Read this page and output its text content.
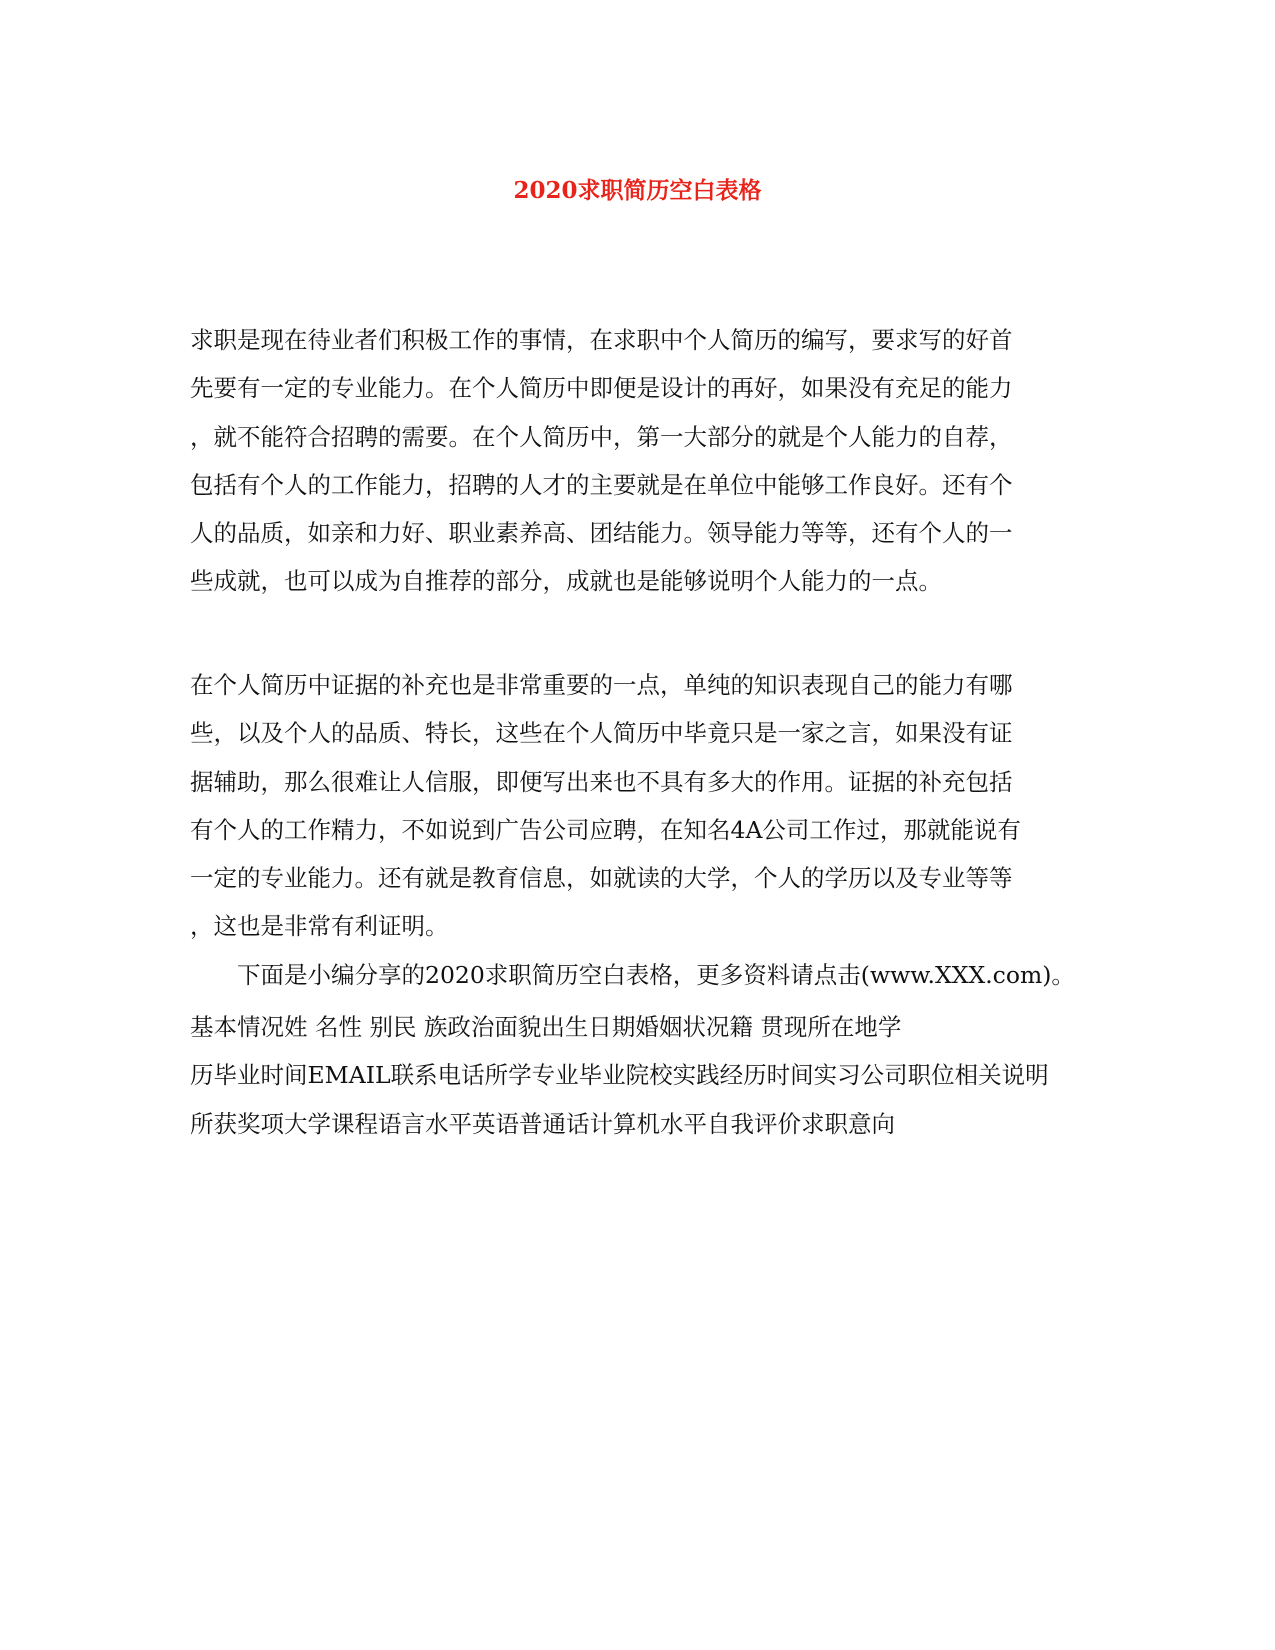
2020求职简历空白表格
求职是现在待业者们积极工作的事情，在求职中个人简历的编写，要求写的好首
先要有一定的专业能力。在个人简历中即便是设计的再好，如果没有充足的能力
，就不能符合招聘的需要。在个人简历中，第一大部分的就是个人能力的自荐，
包括有个人的工作能力，招聘的人才的主要就是在单位中能够工作良好。还有个
人的品质，如亲和力好、职业素养高、团结能力。领导能力等等，还有个人的一
些成就，也可以成为自推荐的部分，成就也是能够说明个人能力的一点。
在个人简历中证据的补充也是非常重要的一点，单纯的知识表现自己的能力有哪
些，以及个人的品质、特长，这些在个人简历中毕竟只是一家之言，如果没有证
据辅助，那么很难让人信服，即便写出来也不具有多大的作用。证据的补充包括
有个人的工作精力，不如说到广告公司应聘，在知名4A公司工作过，那就能说有
一定的专业能力。还有就是教育信息，如就读的大学，个人的学历以及专业等等
，这也是非常有利证明。
　　下面是小编分享的2020求职简历空白表格，更多资料请点击(www.XXX.com)。
基本情况姓 名性 别民 族政治面貌出生日期婚姻状况籍 贯现所在地学
历毕业时间EMAIL联系电话所学专业毕业院校实践经历时间实习公司职位相关说明
所获奖项大学课程语言水平英语普通话计算机水平自我评价求职意向
